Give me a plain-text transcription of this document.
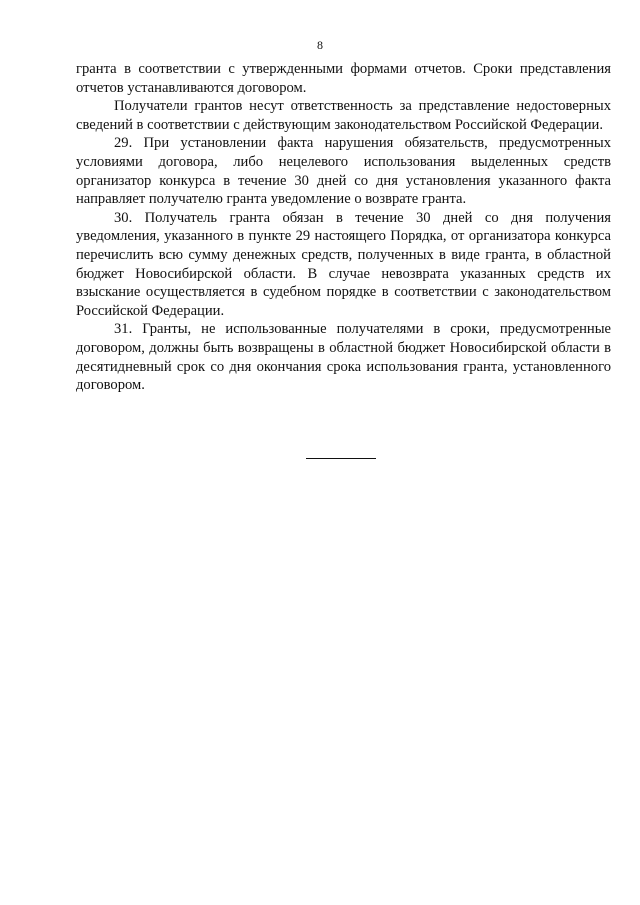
8

гранта в соответствии с утвержденными формами отчетов. Сроки представления отчетов устанавливаются договором.

Получатели грантов несут ответственность за представление недостоверных сведений в соответствии с действующим законодательством Российской Федерации.

29. При установлении факта нарушения обязательств, предусмотренных условиями договора, либо нецелевого использования выделенных средств организатор конкурса в течение 30 дней со дня установления указанного факта направляет получателю гранта уведомление о возврате гранта.

30. Получатель гранта обязан в течение 30 дней со дня получения уведомления, указанного в пункте 29 настоящего Порядка, от организатора конкурса перечислить всю сумму денежных средств, полученных в виде гранта, в областной бюджет Новосибирской области. В случае невозврата указанных средств их взыскание осуществляется в судебном порядке в соответствии с законодательством Российской Федерации.

31. Гранты, не использованные получателями в сроки, предусмотренные договором, должны быть возвращены в областной бюджет Новосибирской области в десятидневный срок со дня окончания срока использования гранта, установленного договором.
